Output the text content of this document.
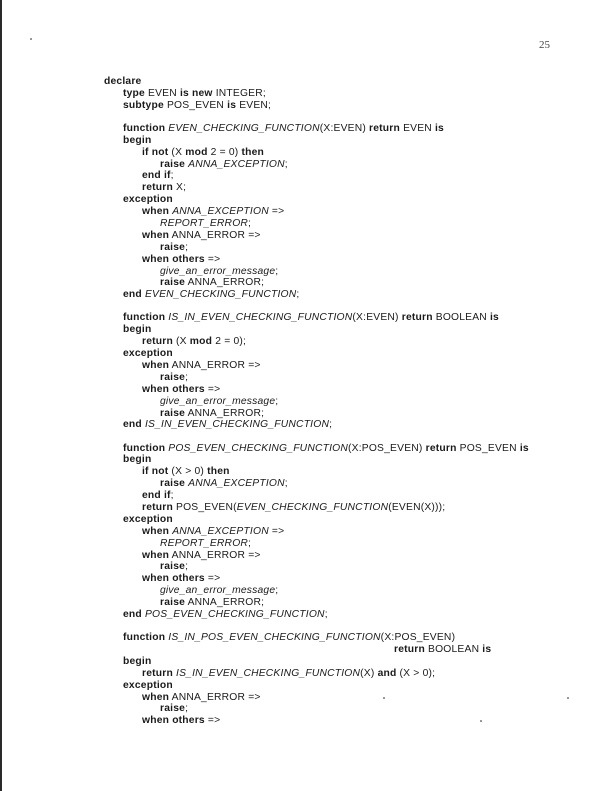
25
declare
type EVEN is new INTEGER;
subtype POS_EVEN is EVEN;
function EVEN_CHECKING_FUNCTION(X:EVEN) return EVEN is
begin
if not (X mod 2 = 0) then
raise ANNA_EXCEPTION;
end if;
return X;
exception
when ANNA_EXCEPTION =>
REPORT_ERROR;
when ANNA_ERROR =>
raise;
when others =>
give_an_error_message;
raise ANNA_ERROR;
end EVEN_CHECKING_FUNCTION;
function IS_IN_EVEN_CHECKING_FUNCTION(X:EVEN) return BOOLEAN is
begin
return (X mod 2 = 0);
exception
when ANNA_ERROR =>
raise;
when others =>
give_an_error_message;
raise ANNA_ERROR;
end IS_IN_EVEN_CHECKING_FUNCTION;
function POS_EVEN_CHECKING_FUNCTION(X:POS_EVEN) return POS_EVEN is
begin
if not (X > 0) then
raise ANNA_EXCEPTION;
end if;
return POS_EVEN(EVEN_CHECKING_FUNCTION(EVEN(X)));
exception
when ANNA_EXCEPTION =>
REPORT_ERROR;
when ANNA_ERROR =>
raise;
when others =>
give_an_error_message;
raise ANNA_ERROR;
end POS_EVEN_CHECKING_FUNCTION;
function IS_IN_POS_EVEN_CHECKING_FUNCTION(X:POS_EVEN)
return BOOLEAN is
begin
return IS_IN_EVEN_CHECKING_FUNCTION(X) and (X > 0);
exception
when ANNA_ERROR =>
raise;
when others =>
